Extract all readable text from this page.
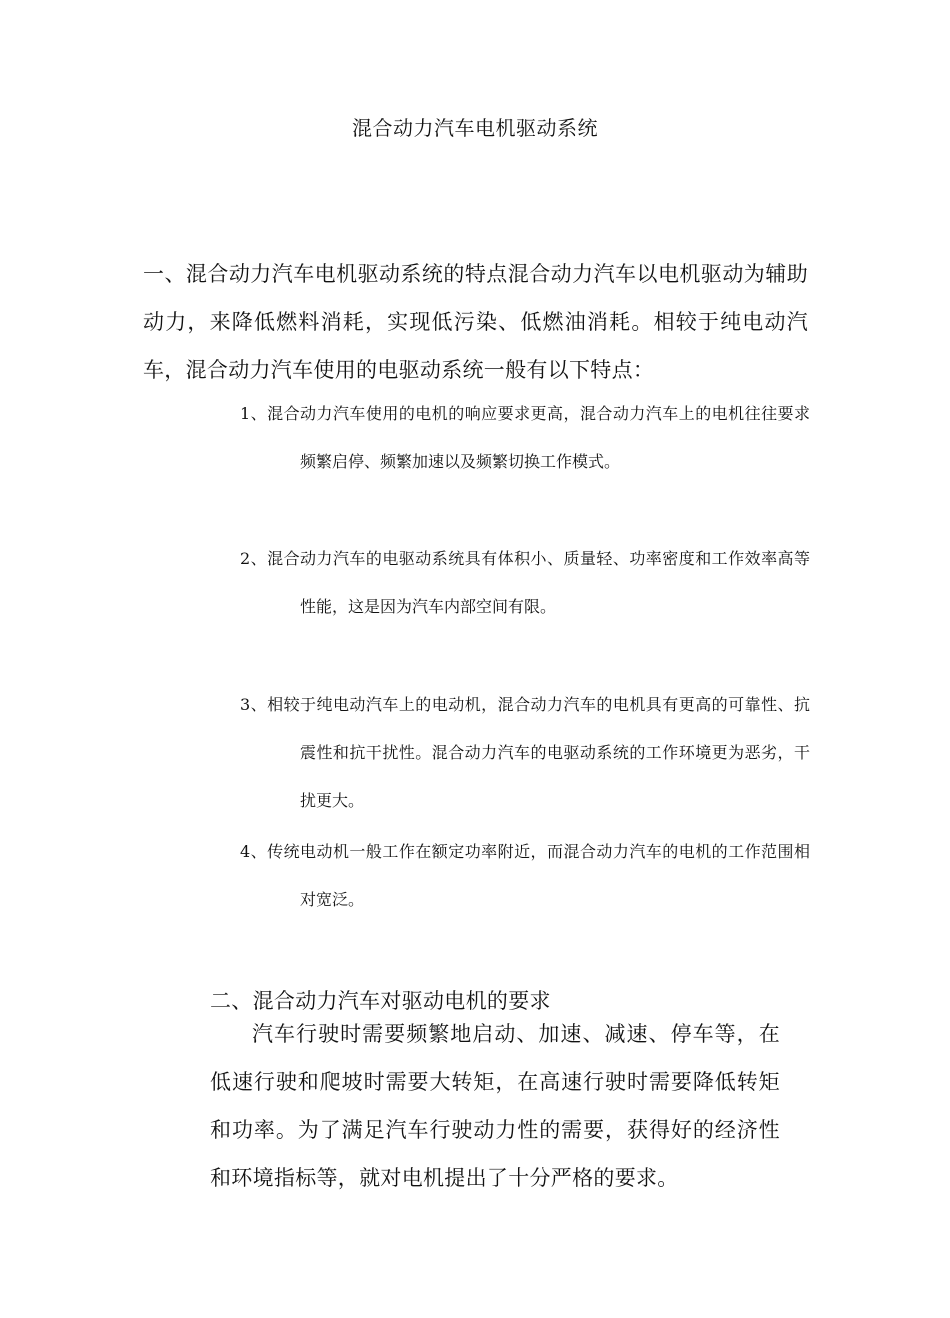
混合动力汽车电机驱动系统
一、混合动力汽车电机驱动系统的特点混合动力汽车以电机驱动为辅助动力，来降低燃料消耗，实现低污染、低燃油消耗。相较于纯电动汽车，混合动力汽车使用的电驱动系统一般有以下特点：
1、混合动力汽车使用的电机的响应要求更高，混合动力汽车上的电机往往要求频繁启停、频繁加速以及频繁切换工作模式。
2、混合动力汽车的电驱动系统具有体积小、质量轻、功率密度和工作效率高等性能，这是因为汽车内部空间有限。
3、相较于纯电动汽车上的电动机，混合动力汽车的电机具有更高的可靠性、抗震性和抗干扰性。混合动力汽车的电驱动系统的工作环境更为恶劣，干扰更大。
4、传统电动机一般工作在额定功率附近，而混合动力汽车的电机的工作范围相对宽泛。
二、混合动力汽车对驱动电机的要求
汽车行驶时需要频繁地启动、加速、减速、停车等，在低速行驶和爬坡时需要大转矩，在高速行驶时需要降低转矩和功率。为了满足汽车行驶动力性的需要，获得好的经济性和环境指标等，就对电机提出了十分严格的要求。
